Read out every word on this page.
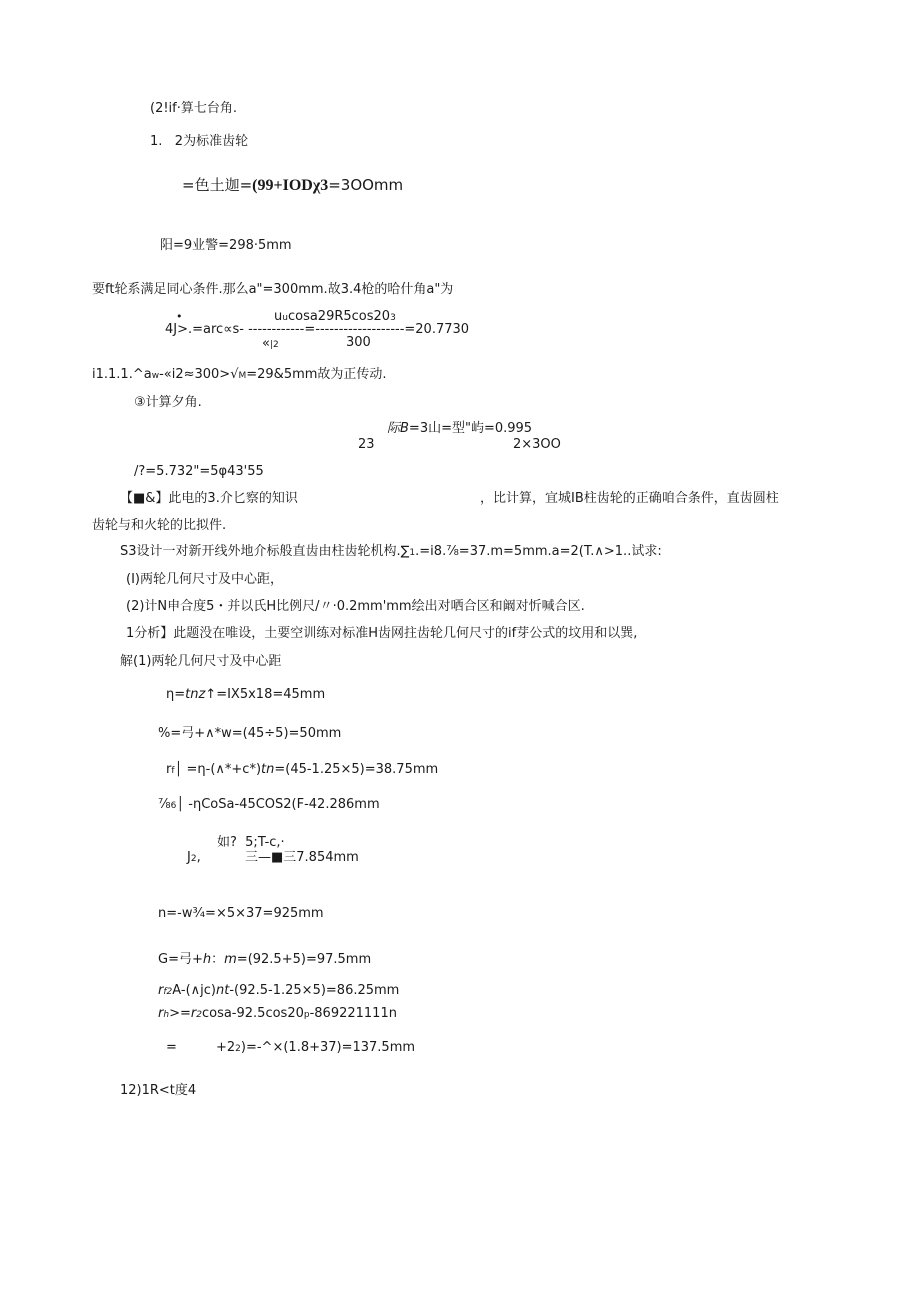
(2!if·算七台角.
1.   2为标准齿轮
=色土迦=(99+IODχ3=3OOmm
阳=9业警=298·5mm
要ft轮系满足同心条件.那么a"=300mm.故3.4枪的哈什角a"为
•	uucosa29R5cos203
4J>.=arc∝s- ------------=-------------------=20.7730
«|2	300
i1.1.1.^aw-«i2≈300>√M=29&5mm故为正传动.
③计算夕角.
际B=3山=型"屿=0.995
23	2×3OO
/?=5.732"=5φ43'55
【■&】此电的3.介匕察的知识	，比计算，宜城IB柱齿轮的正确咱合条件，直齿圆柱
齿轮与和火轮的比拟件.
S3设计一对新开线外地介标般直齿由柱齿轮机构.∑1.=i8.⅞=37.m=5mm.a=2(T.∧>1..试求:
(I)两轮几何尺寸及中心距，
(2)计N申合度5・并以氏H比例尺/〃·0.2mm'mm绘出对哂合区和阚对忻喊合区.
1分析】此题没在唯设，土要空训练对标准H齿网拄齿轮几何尺寸的if芽公式的坟用和以巽,
解(1)两轮几何尺寸及中心距
η=tnz↑=IX5x18=45mm
%=弓+∧*w=(45÷5)=50mm
rf│ =η-(∧*+c*)tn=(45-1.25×5)=38.75mm
⅞6│ -ηCoSa-45COS2(F-42.286mm
如?  5;T-c,·
J2,	三—■三7.854mm
n=-w¾=×5×37=925mm
G=弓+h：m=(92.5+5)=97.5mm
rf2A-(∧jc)nt-(92.5-1.25×5)=86.25mm
rh>=r2cosa-92.5cos20p-869221111n
=	+22)=-^×(1.8+37)=137.5mm
12)1R<t度4
